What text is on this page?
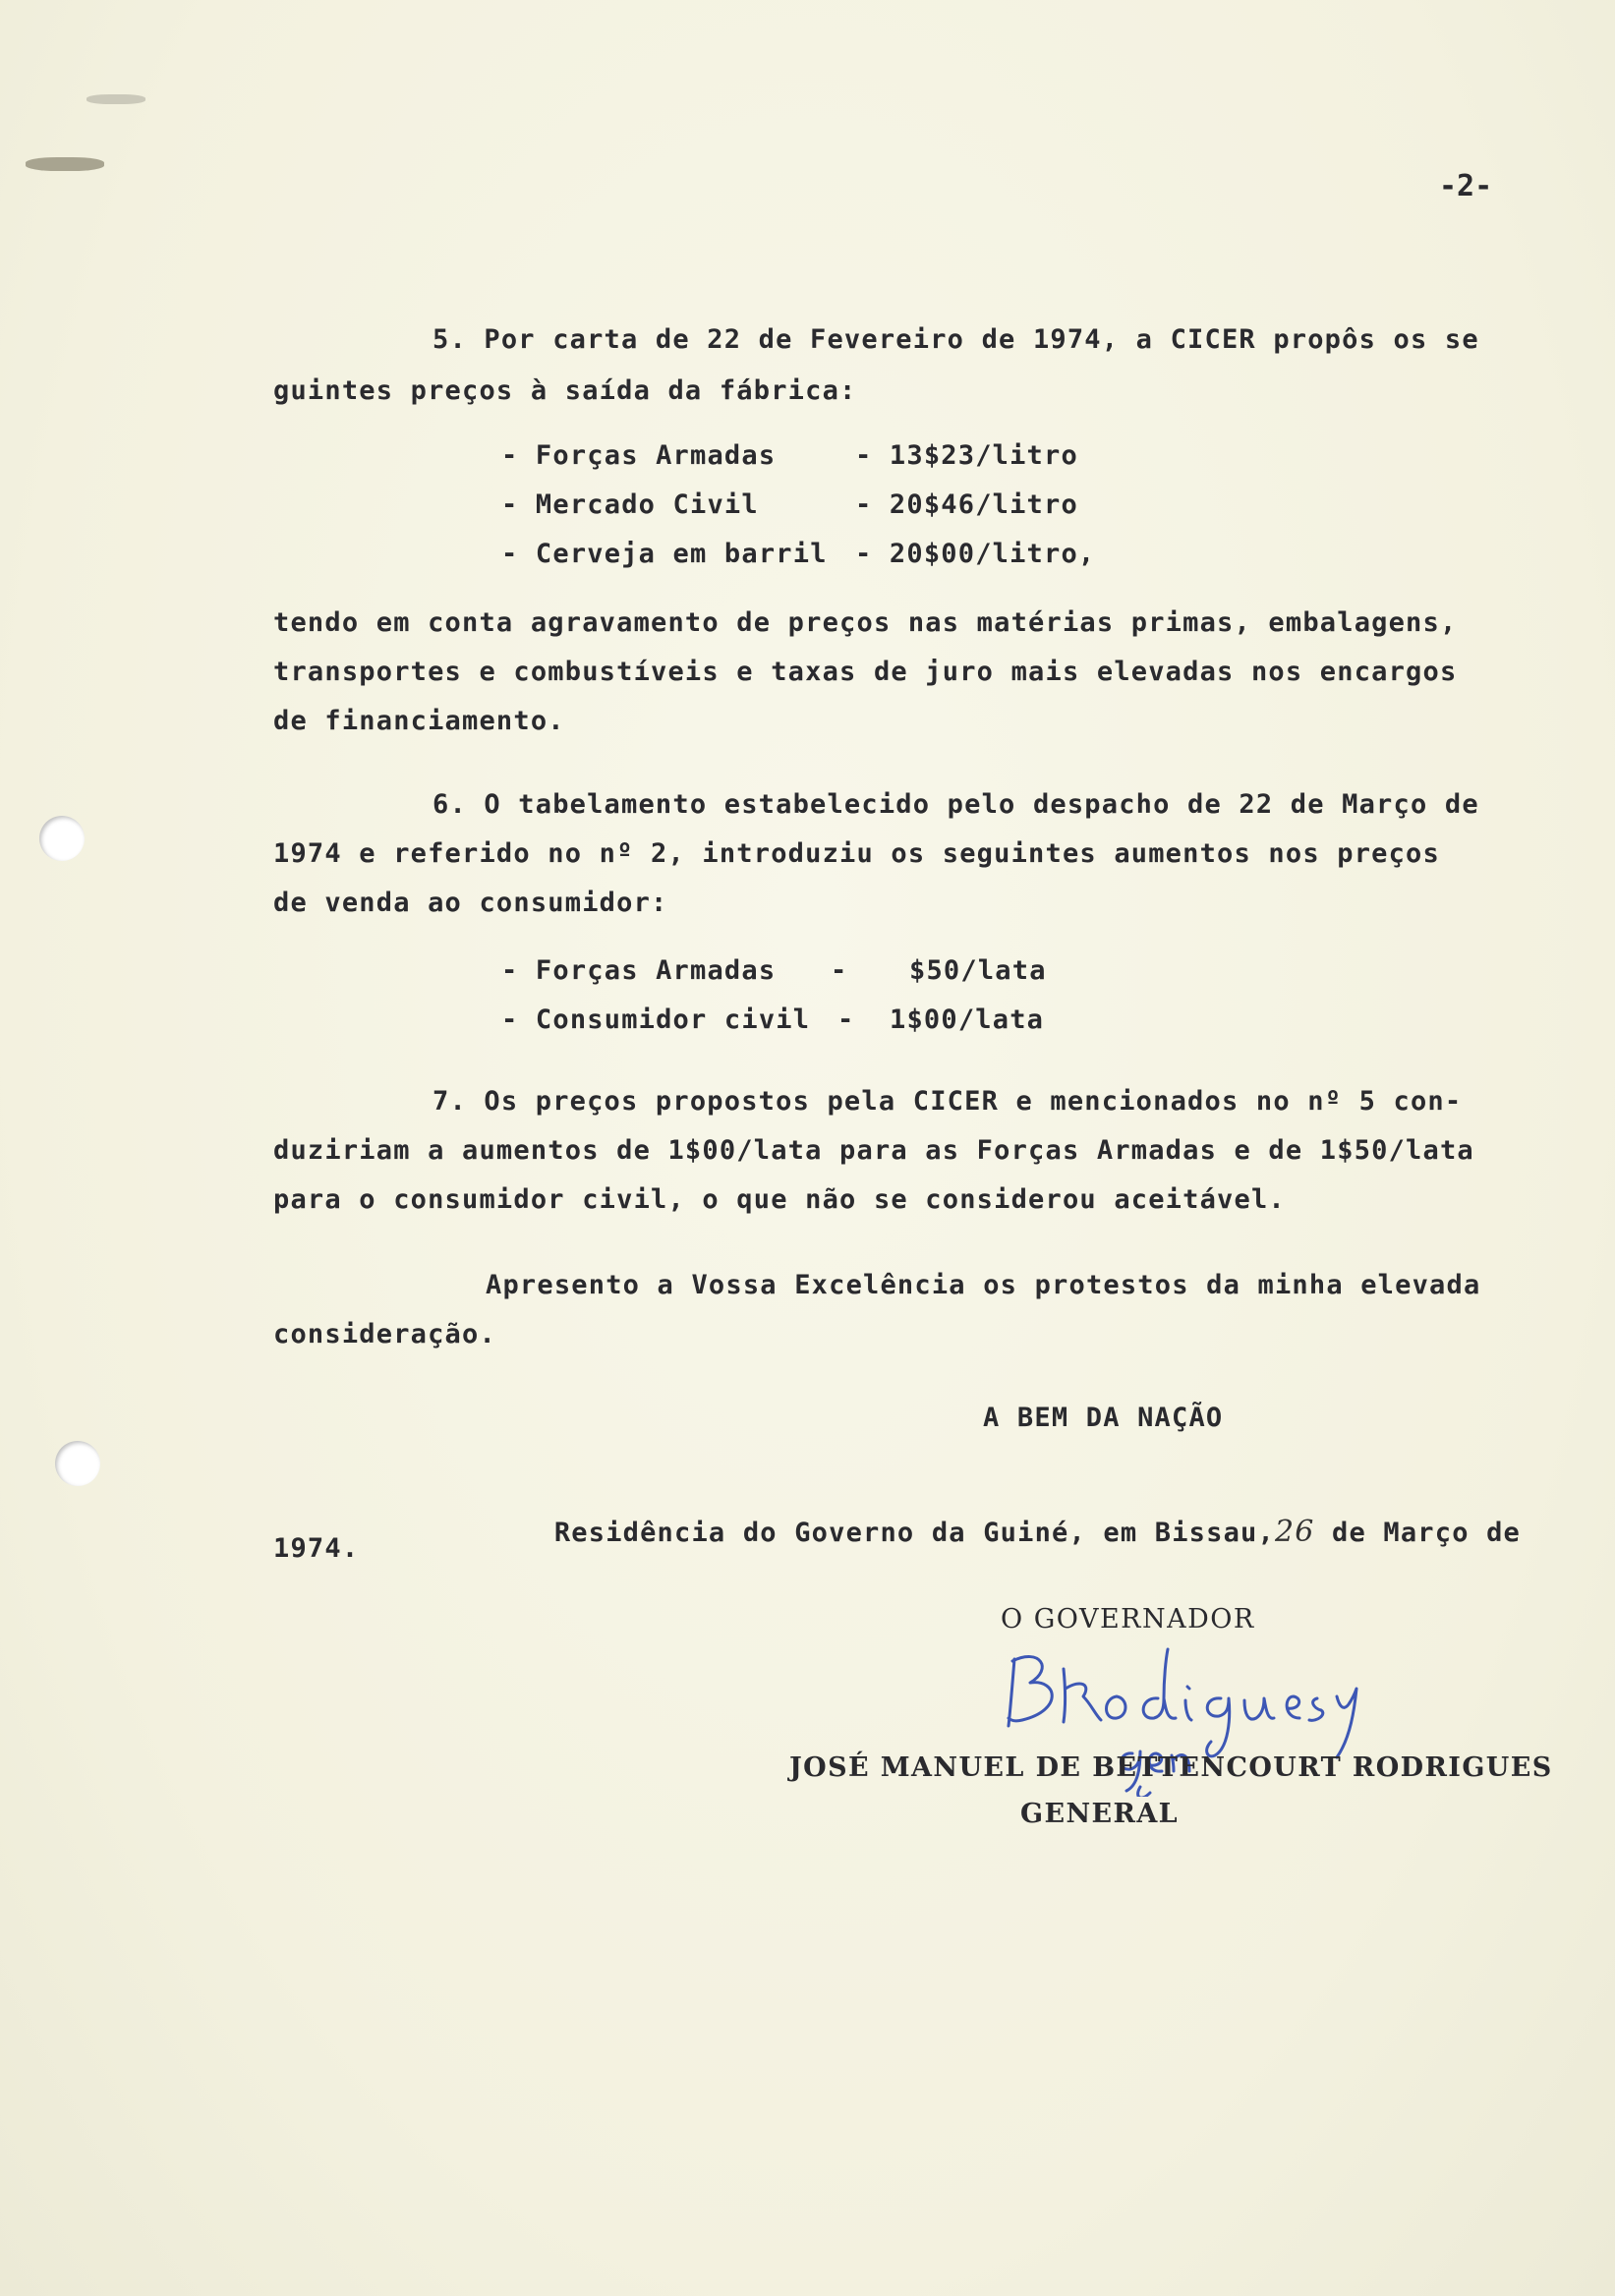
-2-
5. Por carta de 22 de Fevereiro de 1974, a CICER propôs os se
guintes preços à saída da fábrica:
- Forças Armadas	- 13$23/litro
- Mercado Civil	- 20$46/litro
- Cerveja em barril - 20$00/litro,
tendo em conta agravamento de preços nas matérias primas, embalagens,
transportes e combustíveis e taxas de juro mais elevadas nos encargos
de financiamento.
6. O tabelamento estabelecido pelo despacho de 22 de Março de
1974 e referido no nº 2, introduziu os seguintes aumentos nos preços
de venda ao consumidor:
- Forças Armadas - $50/lata
- Consumidor civil - 1$00/lata
7. Os preços propostos pela CICER e mencionados no nº 5 con-
duziriam a aumentos de 1$00/lata para as Forças Armadas e de 1$50/lata
para o consumidor civil, o que não se considerou aceitável.
Apresento a Vossa Excelência os protestos da minha elevada
consideração.
A BEM DA NAÇÃO

Residência do Governo da Guiné, em Bissau,26 de Março de

1974.
O GOVERNADOR
JOSÉ MANUEL DE BETTENCOURT RODRIGUES
GENERAL
